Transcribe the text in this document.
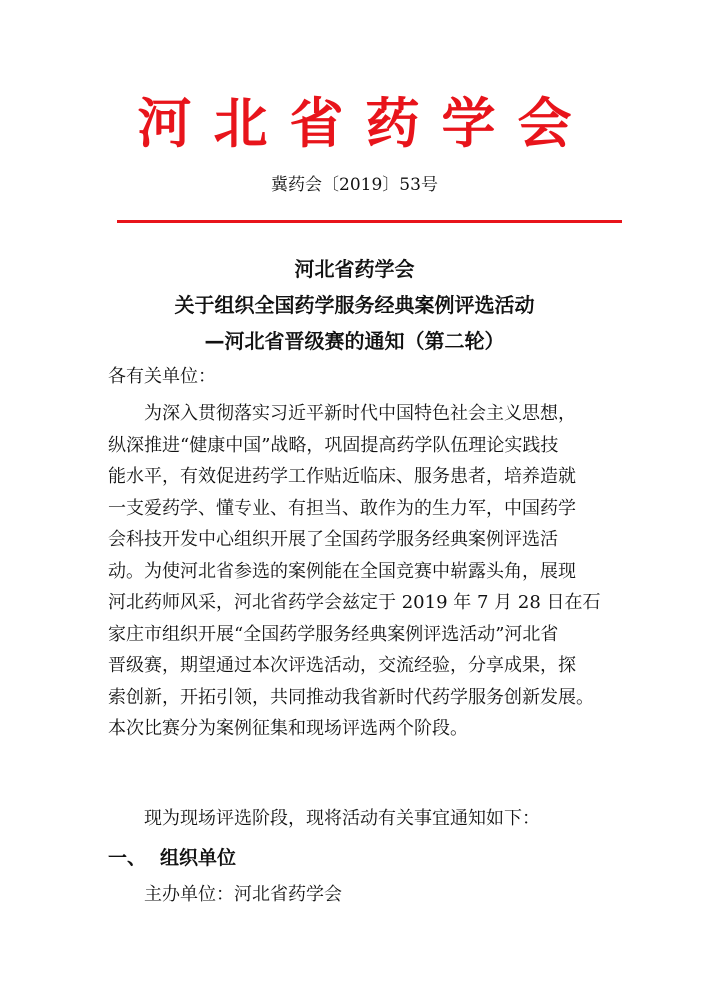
河北省药学会
冀药会〔2019〕53号
河北省药学会
关于组织全国药学服务经典案例评选活动
—河北省晋级赛的通知（第二轮）
各有关单位：
为深入贯彻落实习近平新时代中国特色社会主义思想，
纵深推进“健康中国”战略，巩固提高药学队伍理论实践技
能水平，有效促进药学工作贴近临床、服务患者，培养造就
一支爱药学、懂专业、有担当、敢作为的生力军，中国药学
会科技开发中心组织开展了全国药学服务经典案例评选活
动。为使河北省参选的案例能在全国竞赛中崭露头角，展现
河北药师风采，河北省药学会兹定于 2019 年 7 月 28 日在石
家庄市组织开展“全国药学服务经典案例评选活动”河北省
晋级赛，期望通过本次评选活动，交流经验，分享成果，探
索创新，开拓引领，共同推动我省新时代药学服务创新发展。
本次比赛分为案例征集和现场评选两个阶段。
现为现场评选阶段，现将活动有关事宜通知如下：
一、 组织单位
主办单位：河北省药学会
